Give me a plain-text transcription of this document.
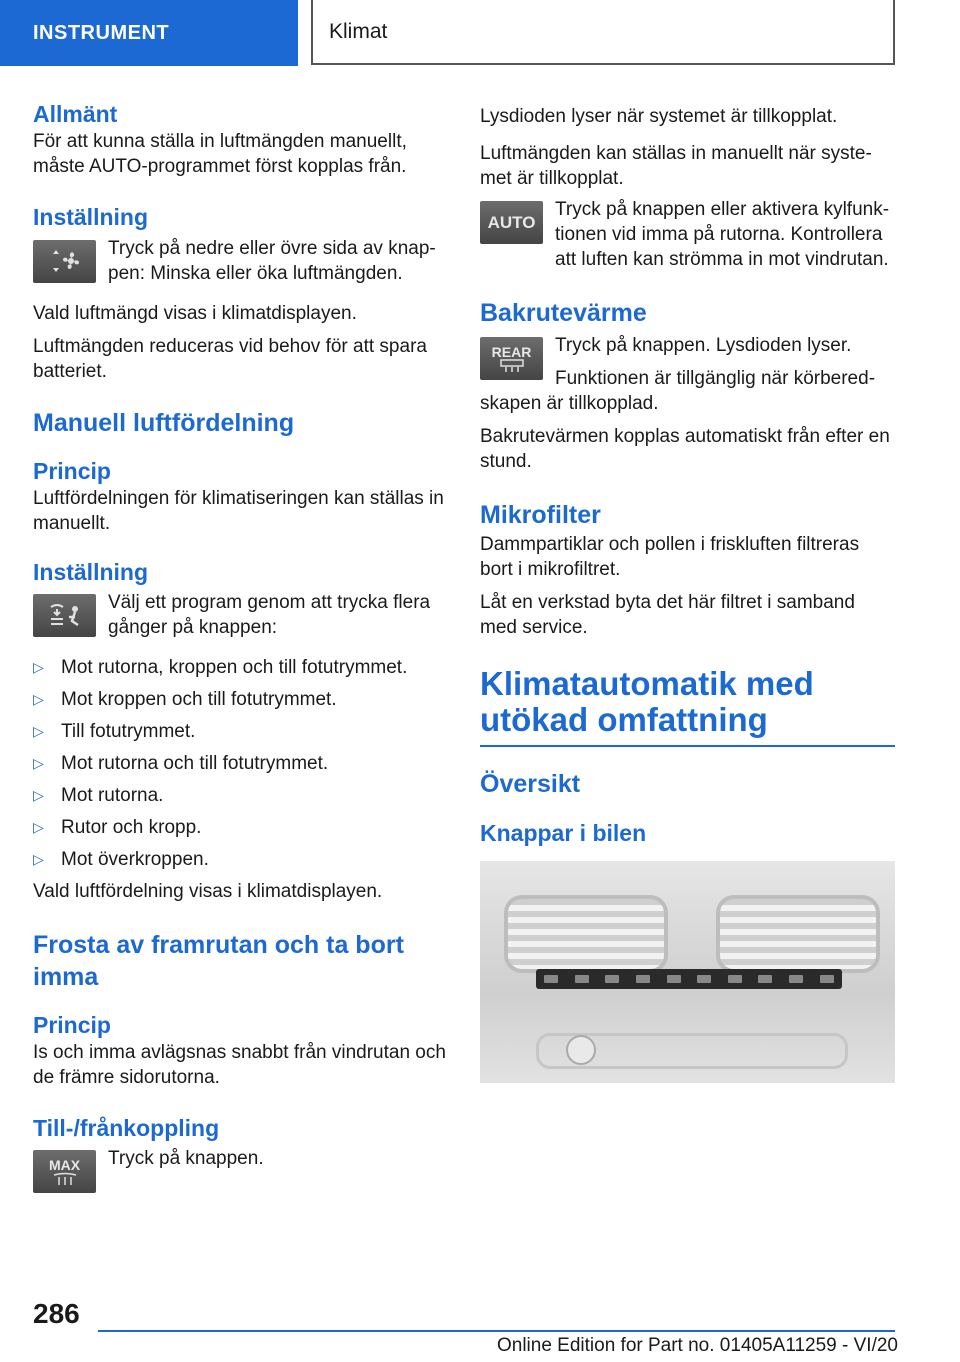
INSTRUMENT	Klimat
Allmänt

För att kunna ställa in luftmängden manuellt, måste AUTO-programmet först kopplas från.

Inställning

Tryck på nedre eller övre sida av knappen: Minska eller öka luftmängden.

Vald luftmängd visas i klimatdisplayen.

Luftmängden reduceras vid behov för att spara batteriet.

Manuell luftfördelning
Princip

Luftfördelningen för klimatiseringen kan ställas in manuellt.

Inställning

Välj ett program genom att trycka flera gånger på knappen:

▷ Mot rutorna, kroppen och till fotutrymmet.
▷ Mot kroppen och till fotutrymmet.
▷ Till fotutrymmet.
▷ Mot rutorna och till fotutrymmet.
▷ Mot rutorna.
▷ Rutor och kropp.
▷ Mot överkroppen.

Vald luftfördelning visas i klimatdisplayen.

Frosta av framrutan och ta bort imma
Princip

Is och imma avlägsnas snabbt från vindrutan och de främre sidorutorna.

Till-/frånkoppling
MAX	Tryck på knappen.

Lysdioden lyser när systemet är tillkopplat.

Luftmängden kan ställas in manuellt när systemet är tillkopplat.

AUTO

Tryck på knappen eller aktivera kylfunktionen vid imma på rutorna. Kontrollera att luften kan strömma in mot vindrutan.

Bakrutevärme
REAR	Tryck på knappen. Lysdioden lyser.

Funktionen är tillgänglig när körberedskapen är tillkopplad.

Bakrutevärmen kopplas automatiskt från efter en stund.

Mikrofilter

Dammpartiklar och pollen i friskluften filtreras bort i mikrofiltret.

Låt en verkstad byta det här filtret i samband med service.

Klimatautomatik med utökad omfattning
Översikt
Knappar i bilen
286
Online Edition for Part no. 01405A11259 - VI/20
